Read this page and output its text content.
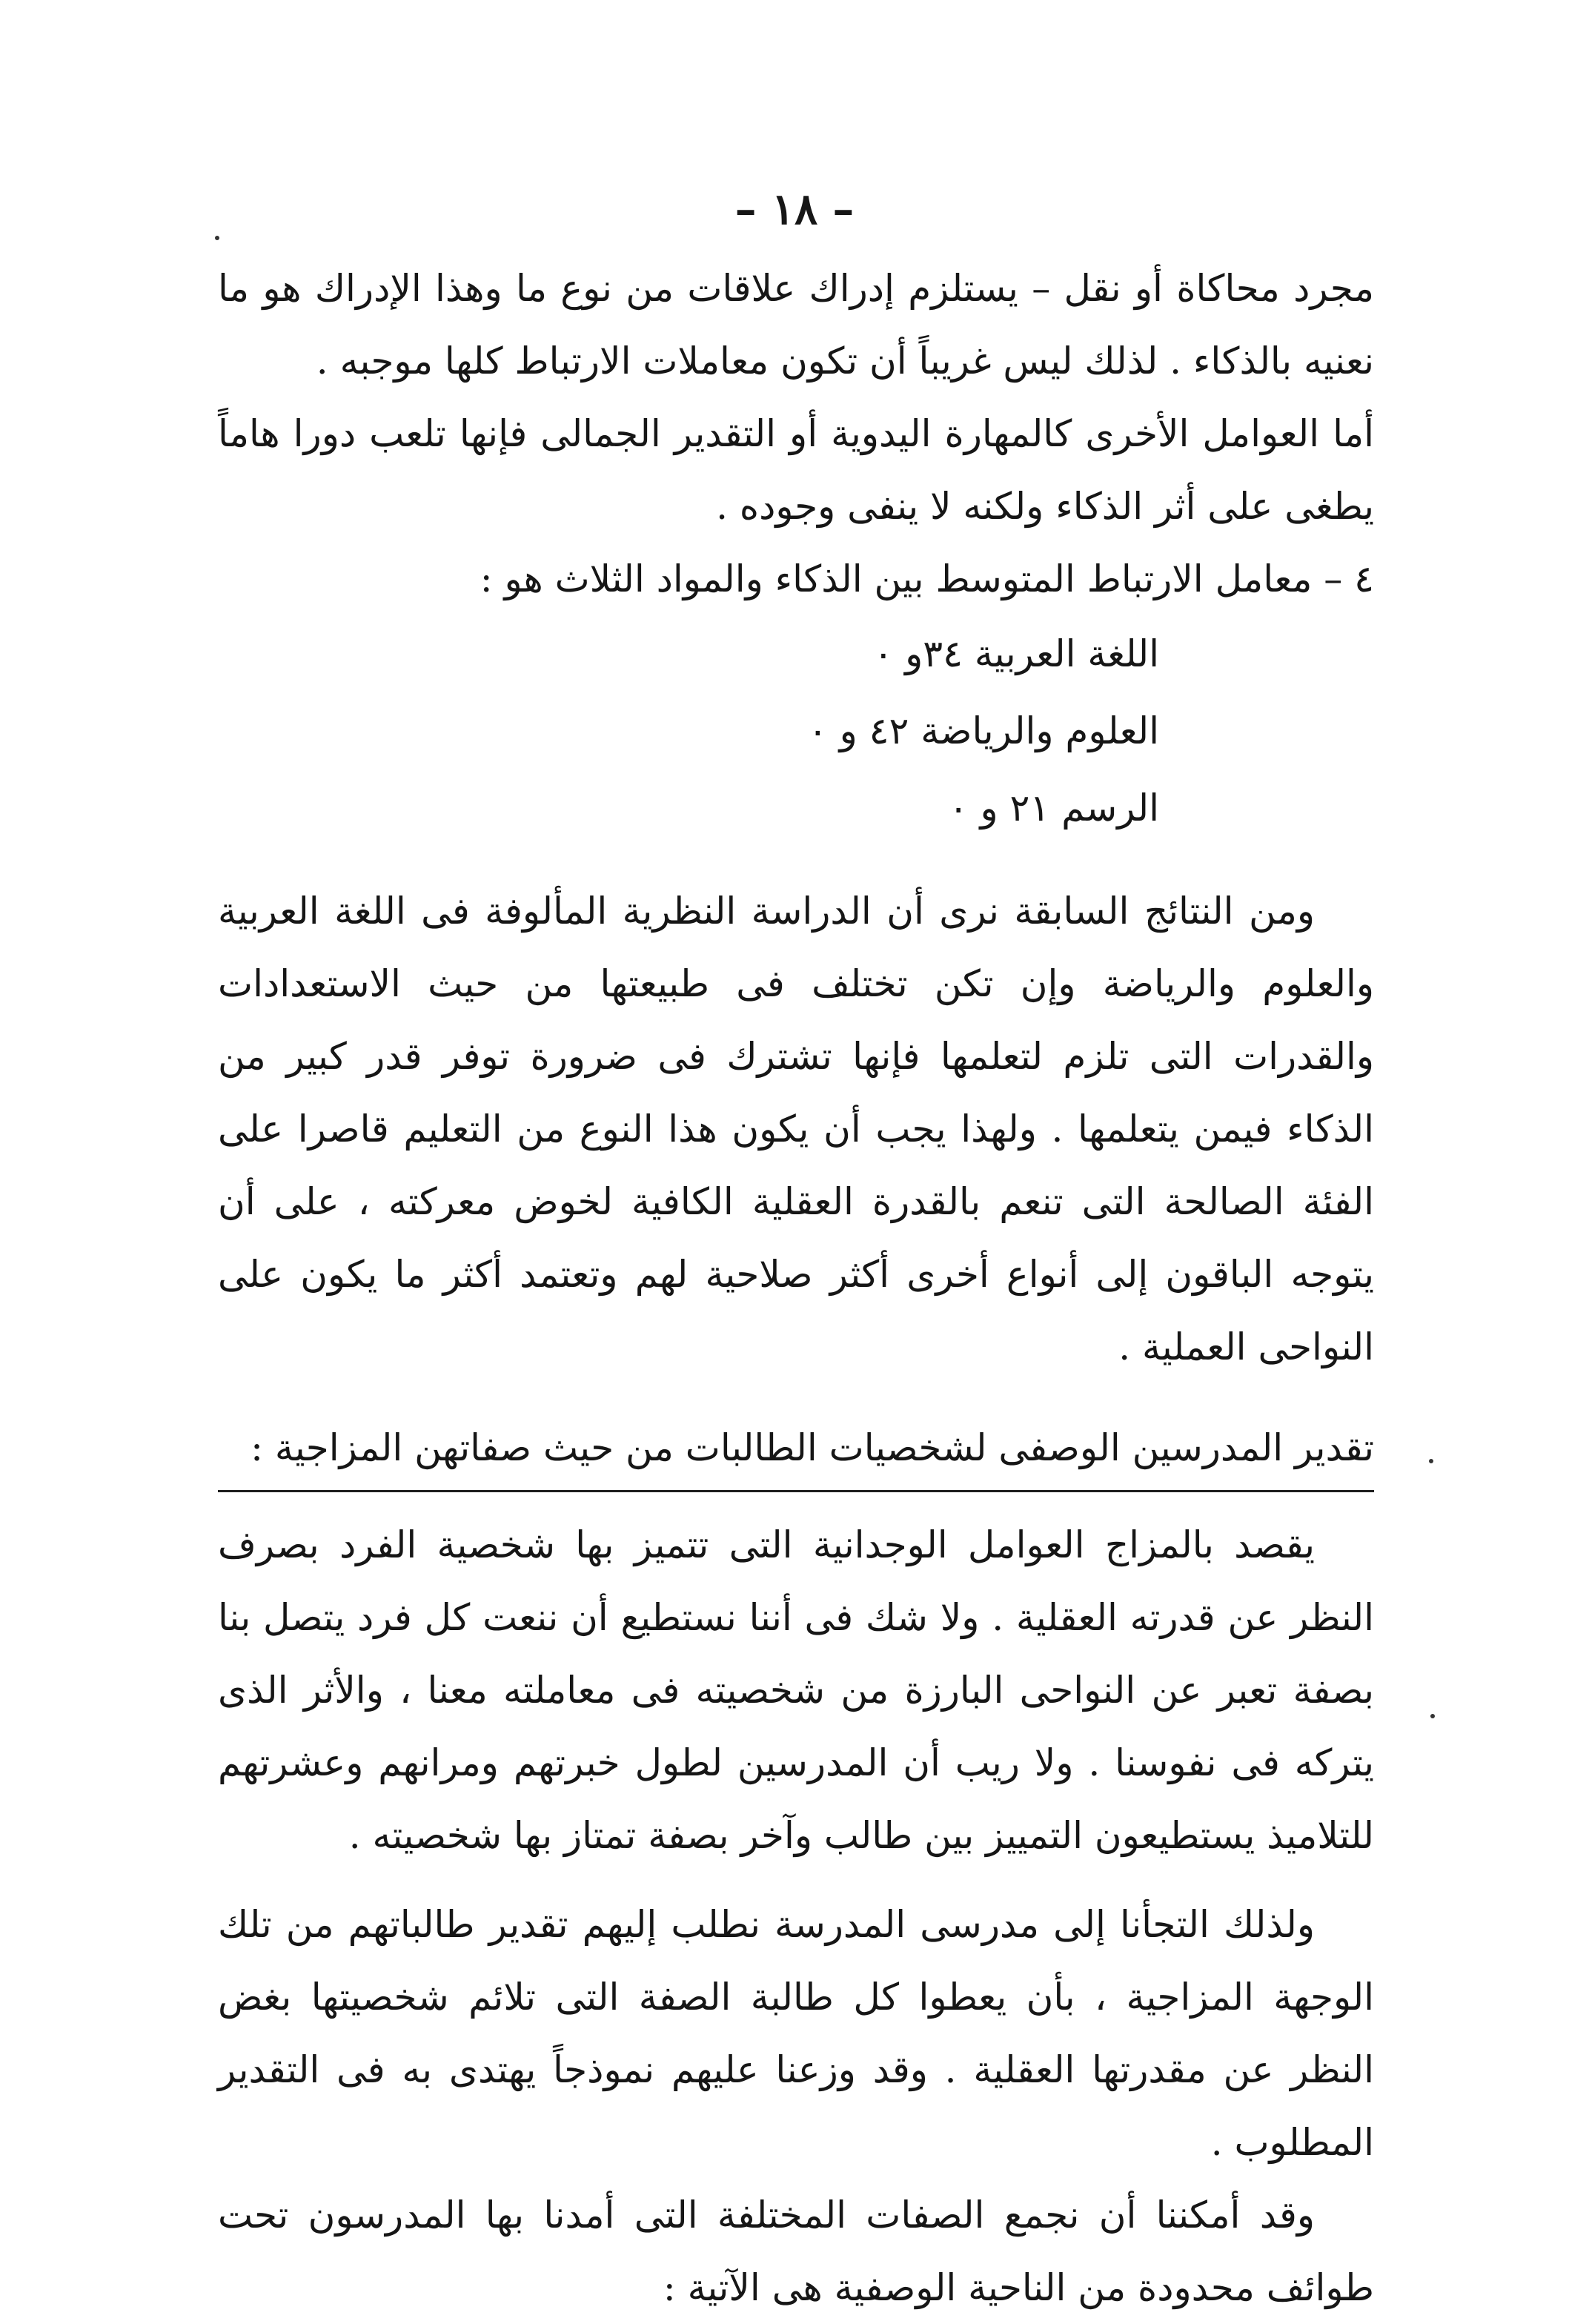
– ١٨ –

مجرد محاكاة أو نقل – يستلزم إدراك علاقات من نوع ما وهذا الإدراك هو ما نعنيه بالذكاء . لذلك ليس غريباً أن تكون معاملات الارتباط كلها موجبه .

أما العوامل الأخرى كالمهارة اليدوية أو التقدير الجمالى فإنها تلعب دورا هاماً يطغى على أثر الذكاء ولكنه لا ينفى وجوده .

٤ – معامل الارتباط المتوسط بين الذكاء والمواد الثلاث هو :

اللغة العربية ٣٤و ٠
العلوم والرياضة ٤٢ و ٠
الرسم ٢١ و ٠

ومن النتائج السابقة نرى أن الدراسة النظرية المألوفة فى اللغة العربية والعلوم والرياضة وإن تكن تختلف فى طبيعتها من حيث الاستعدادات والقدرات التى تلزم لتعلمها فإنها تشترك فى ضرورة توفر قدر كبير من الذكاء فيمن يتعلمها . ولهذا يجب أن يكون هذا النوع من التعليم قاصرا على الفئة الصالحة التى تنعم بالقدرة العقلية الكافية لخوض معركته ، على أن يتوجه الباقون إلى أنواع أخرى أكثر صلاحية لهم وتعتمد أكثر ما يكون على النواحى العملية .

تقدير المدرسين الوصفى لشخصيات الطالبات من حيث صفاتهن المزاجية :

يقصد بالمزاج العوامل الوجدانية التى تتميز بها شخصية الفرد بصرف النظر عن قدرته العقلية . ولا شك فى أننا نستطيع أن ننعت كل فرد يتصل بنا بصفة تعبر عن النواحى البارزة من شخصيته فى معاملته معنا ، والأثر الذى يتركه فى نفوسنا . ولا ريب أن المدرسين لطول خبرتهم ومرانهم وعشرتهم للتلاميذ يستطيعون التمييز بين طالب وآخر بصفة تمتاز بها شخصيته .

ولذلك التجأنا إلى مدرسى المدرسة نطلب إليهم تقدير طالباتهم من تلك الوجهة المزاجية ، بأن يعطوا كل طالبة الصفة التى تلائم شخصيتها بغض النظر عن مقدرتها العقلية . وقد وزعنا عليهم نموذجاً يهتدى به فى التقدير المطلوب .

وقد أمكننا أن نجمع الصفات المختلفة التى أمدنا بها المدرسون تحت طوائف محدودة من الناحية الوصفية هى الآتية :
